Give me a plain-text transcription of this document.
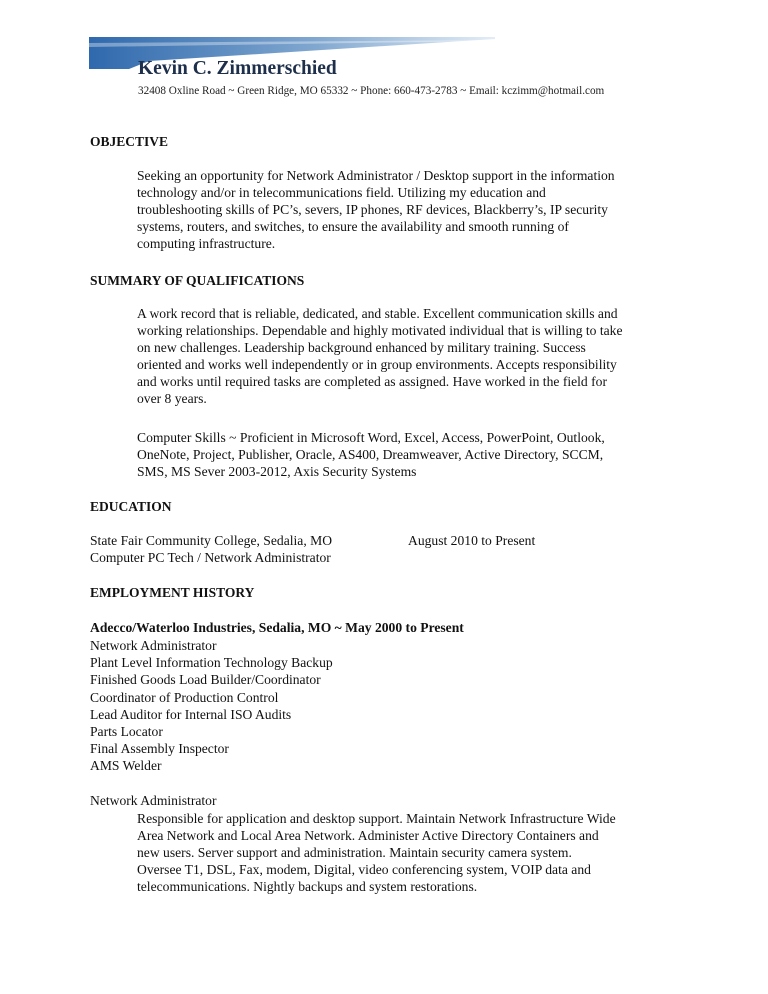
Kevin C. Zimmerschied
32408 Oxline Road ~ Green Ridge, MO 65332 ~ Phone: 660-473-2783 ~ Email: kczimm@hotmail.com
OBJECTIVE

Seeking an opportunity for Network Administrator / Desktop support in the information

technology and/or in telecommunications field. Utilizing my education and

troubleshooting skills of PC’s, severs, IP phones, RF devices, Blackberry’s, IP security

systems, routers, and switches, to ensure the availability and smooth running of

computing infrastructure.

SUMMARY OF QUALIFICATIONS

A work record that is reliable, dedicated, and stable. Excellent communication skills and

working relationships. Dependable and highly motivated individual that is willing to take

on new challenges. Leadership background enhanced by military training. Success

oriented and works well independently or in group environments. Accepts responsibility

and works until required tasks are completed as assigned. Have worked in the field for

over 8 years.

Computer Skills ~ Proficient in Microsoft Word, Excel, Access, PowerPoint, Outlook,

OneNote, Project, Publisher, Oracle, AS400, Dreamweaver, Active Directory, SCCM,

SMS, MS Sever 2003-2012, Axis Security Systems

EDUCATION
State Fair Community College, Sedalia, MO	August 2010 to Present
Computer PC Tech / Network Administrator
EMPLOYMENT HISTORY
Adecco/Waterloo Industries, Sedalia, MO ~ May 2000 to Present
Network Administrator
Plant Level Information Technology Backup
Finished Goods Load Builder/Coordinator
Coordinator of Production Control
Lead Auditor for Internal ISO Audits
Parts Locator
Final Assembly Inspector
AMS Welder
Network Administrator

Responsible for application and desktop support. Maintain Network Infrastructure Wide

Area Network and Local Area Network. Administer Active Directory Containers and

new users. Server support and administration. Maintain security camera system.

Oversee T1, DSL, Fax, modem, Digital, video conferencing system, VOIP data and

telecommunications. Nightly backups and system restorations.
